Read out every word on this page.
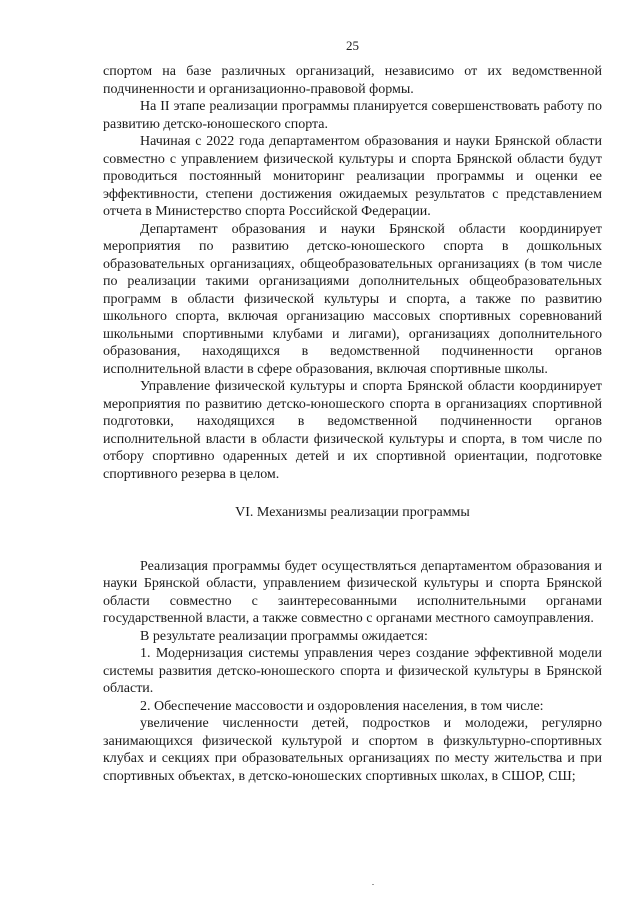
25

спортом на базе различных организаций, независимо от их ведомственной подчиненности и организационно-правовой формы.

На II этапе реализации программы планируется совершенствовать работу по развитию детско-юношеского спорта.

Начиная с 2022 года департаментом образования и науки Брянской области совместно с управлением физической культуры и спорта Брянской области будут проводиться постоянный мониторинг реализации программы и оценки ее эффективности, степени достижения ожидаемых результатов с представлением отчета в Министерство спорта Российской Федерации.

Департамент образования и науки Брянской области координирует мероприятия по развитию детско-юношеского спорта в дошкольных образовательных организациях, общеобразовательных организациях (в том числе по реализации такими организациями дополнительных общеобразовательных программ в области физической культуры и спорта, а также по развитию школьного спорта, включая организацию массовых спортивных соревнований школьными спортивными клубами и лигами), организациях дополнительного образования, находящихся в ведомственной подчиненности органов исполнительной власти в сфере образования, включая спортивные школы.

Управление физической культуры и спорта Брянской области координирует мероприятия по развитию детско-юношеского спорта в организациях спортивной подготовки, находящихся в ведомственной подчиненности органов исполнительной власти в области физической культуры и спорта, в том числе по отбору спортивно одаренных детей и их спортивной ориентации, подготовке спортивного резерва в целом.

VI. Механизмы реализации программы

Реализация программы будет осуществляться департаментом образования и науки Брянской области, управлением физической культуры и спорта Брянской области совместно с заинтересованными исполнительными органами государственной власти, а также совместно с органами местного самоуправления.

В результате реализации программы ожидается:

1. Модернизация системы управления через создание эффективной модели системы развития детско-юношеского спорта и физической культуры в Брянской области.

2. Обеспечение массовости и оздоровления населения, в том числе:

увеличение численности детей, подростков и молодежи, регулярно занимающихся физической культурой и спортом в физкультурно-спортивных клубах и секциях при образовательных организациях по месту жительства и при спортивных объектах, в детско-юношеских спортивных школах, в СШОР, СШ;
